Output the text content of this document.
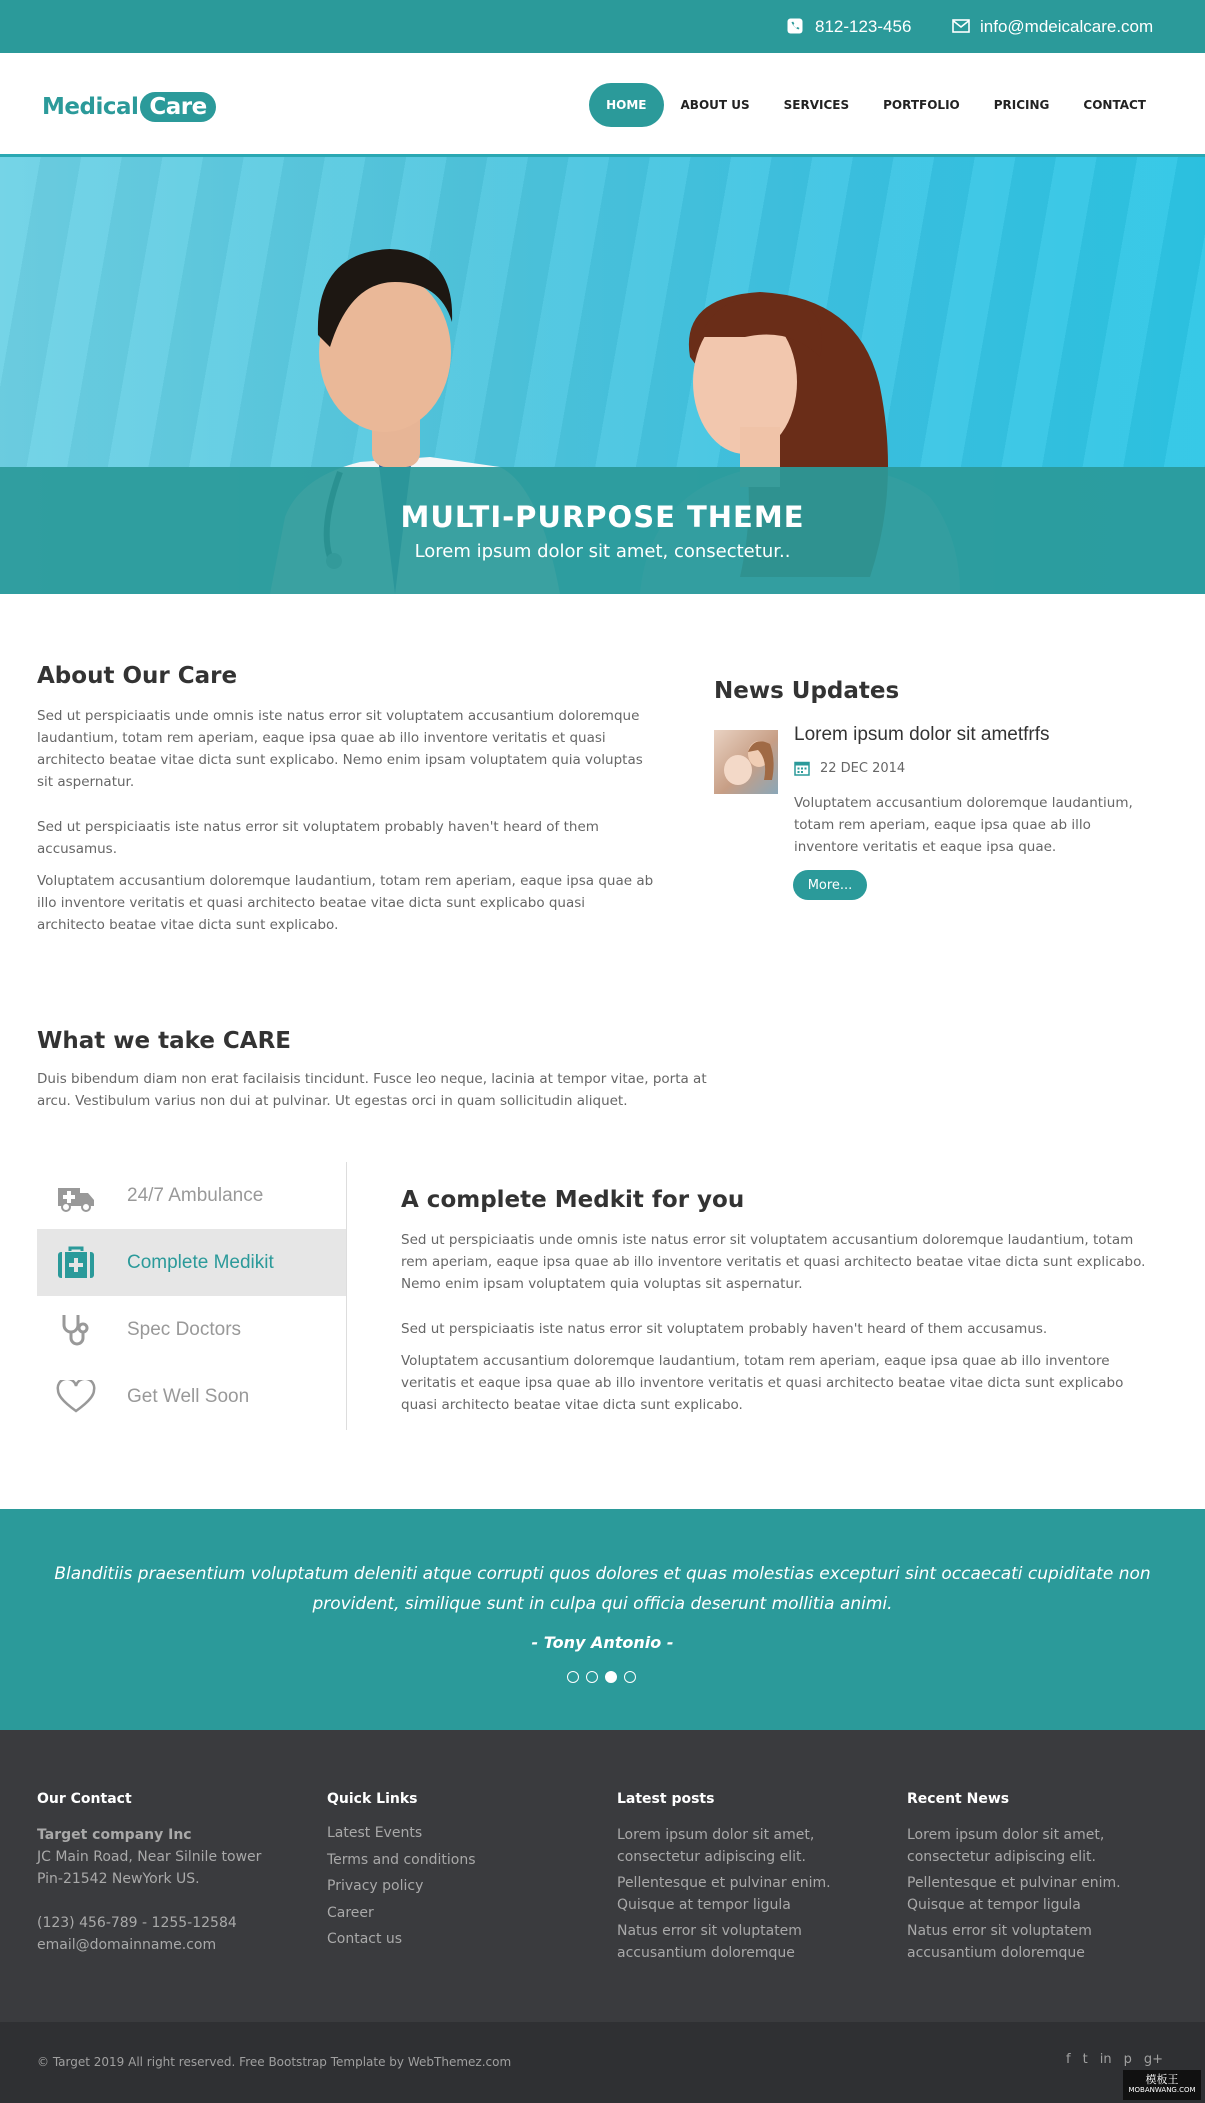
812-123-456	info@mdeicalcare.com
Medical Care	HOME	ABOUT US	SERVICES	PORTFOLIO	PRICING	CONTACT
MULTI-PURPOSE THEME
Lorem ipsum dolor sit amet, consectetur..
About Our Care

Sed ut perspiciaatis unde omnis iste natus error sit voluptatem accusantium doloremque laudantium, totam rem aperiam, eaque ipsa quae ab illo inventore veritatis et quasi architecto beatae vitae dicta sunt explicabo. Nemo enim ipsam voluptatem quia voluptas sit aspernatur.

Sed ut perspiciaatis iste natus error sit voluptatem probably haven't heard of them accusamus.

Voluptatem accusantium doloremque laudantium, totam rem aperiam, eaque ipsa quae ab illo inventore veritatis et quasi architecto beatae vitae dicta sunt explicabo quasi architecto beatae vitae dicta sunt explicabo.

News Updates
Lorem ipsum dolor sit ametfrfs
22 DEC 2014
Voluptatem accusantium doloremque laudantium, totam rem aperiam, eaque ipsa quae ab illo inventore veritatis et eaque ipsa quae.
More...
What we take CARE

Duis bibendum diam non erat facilaisis tincidunt. Fusce leo neque, lacinia at tempor vitae, porta at arcu. Vestibulum varius non dui at pulvinar. Ut egestas orci in quam sollicitudin aliquet.

24/7 Ambulance
Complete Medikit
Spec Doctors
Get Well Soon
A complete Medkit for you

Sed ut perspiciaatis unde omnis iste natus error sit voluptatem accusantium doloremque laudantium, totam rem aperiam, eaque ipsa quae ab illo inventore veritatis et quasi architecto beatae vitae dicta sunt explicabo. Nemo enim ipsam voluptatem quia voluptas sit aspernatur.

Sed ut perspiciaatis iste natus error sit voluptatem probably haven't heard of them accusamus.

Voluptatem accusantium doloremque laudantium, totam rem aperiam, eaque ipsa quae ab illo inventore veritatis et eaque ipsa quae ab illo inventore veritatis et quasi architecto beatae vitae dicta sunt explicabo quasi architecto beatae vitae dicta sunt explicabo.

Blanditiis praesentium voluptatum deleniti atque corrupti quos dolores et quas molestias excepturi sint occaecati cupiditate non provident, similique sunt in culpa qui officia deserunt mollitia animi.
- Tony Antonio -
Our Contact
Target company Inc
JC Main Road, Near Silnile tower
Pin-21542 NewYork US.
(123) 456-789 - 1255-12584
email@domainname.com
Quick Links
Latest Events
Terms and conditions
Privacy policy
Career
Contact us
Latest posts
Lorem ipsum dolor sit amet, consectetur adipiscing elit.
Pellentesque et pulvinar enim. Quisque at tempor ligula
Natus error sit voluptatem accusantium doloremque
Recent News
Lorem ipsum dolor sit amet, consectetur adipiscing elit.
Pellentesque et pulvinar enim. Quisque at tempor ligula
Natus error sit voluptatem accusantium doloremque
© Target 2019 All right reserved. Free Bootstrap Template by WebThemez.com	f t in p g+
模板王
MOBANWANG.COM
